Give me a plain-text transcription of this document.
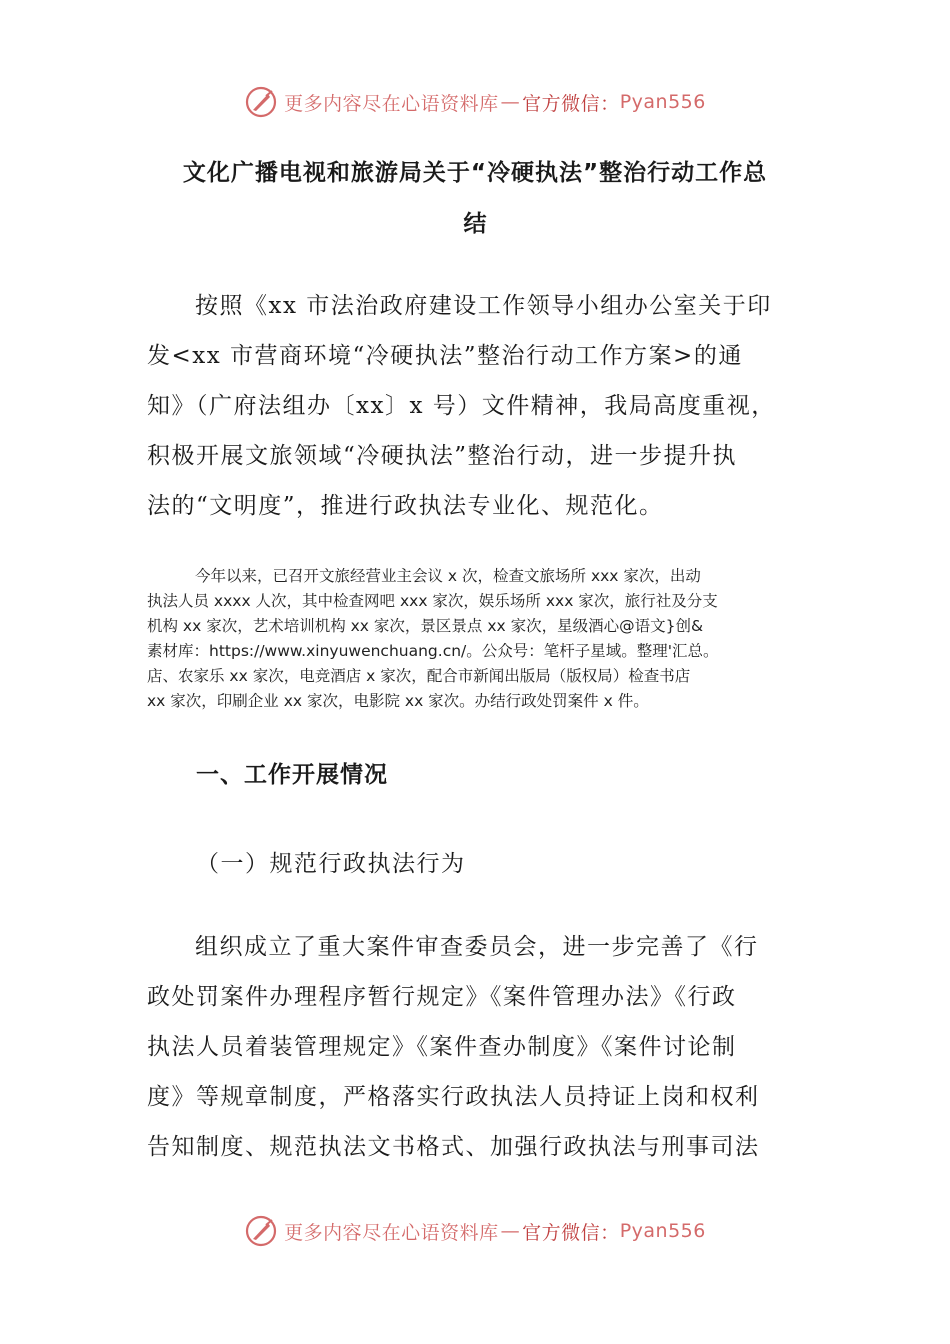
更多内容尽在心语资料库 — 官方微信： Pyan556
文化广播电视和旅游局关于“冷硬执法”整治行动工作总
结
按照《xx 市法治政府建设工作领导小组办公室关于印
发<xx 市营商环境“冷硬执法”整治行动工作方案>的通
知》（广府法组办〔xx〕x 号）文件精神，我局高度重视，
积极开展文旅领域“冷硬执法”整治行动，进一步提升执
法的“文明度”，推进行政执法专业化、规范化。
今年以来，已召开文旅经营业主会议 x 次，检查文旅场所 xxx 家次，出动
执法人员 xxxx 人次，其中检查网吧 xxx 家次，娱乐场所 xxx 家次，旅行社及分支
机构 xx 家次，艺术培训机构 xx 家次，景区景点 xx 家次，星级酒心@语文}创&
素材库：https://www.xinyuwenchuang.cn/。公众号：笔杆子星域。整理'汇总。
店、农家乐 xx 家次，电竞酒店 x 家次，配合市新闻出版局（版权局）检查书店
xx 家次，印刷企业 xx 家次，电影院 xx 家次。办结行政处罚案件 x 件。
一、工作开展情况
（一）规范行政执法行为
组织成立了重大案件审查委员会，进一步完善了《行
政处罚案件办理程序暂行规定》《案件管理办法》《行政
执法人员着装管理规定》《案件查办制度》《案件讨论制
度》等规章制度，严格落实行政执法人员持证上岗和权利
告知制度、规范执法文书格式、加强行政执法与刑事司法
更多内容尽在心语资料库 — 官方微信： Pyan556
